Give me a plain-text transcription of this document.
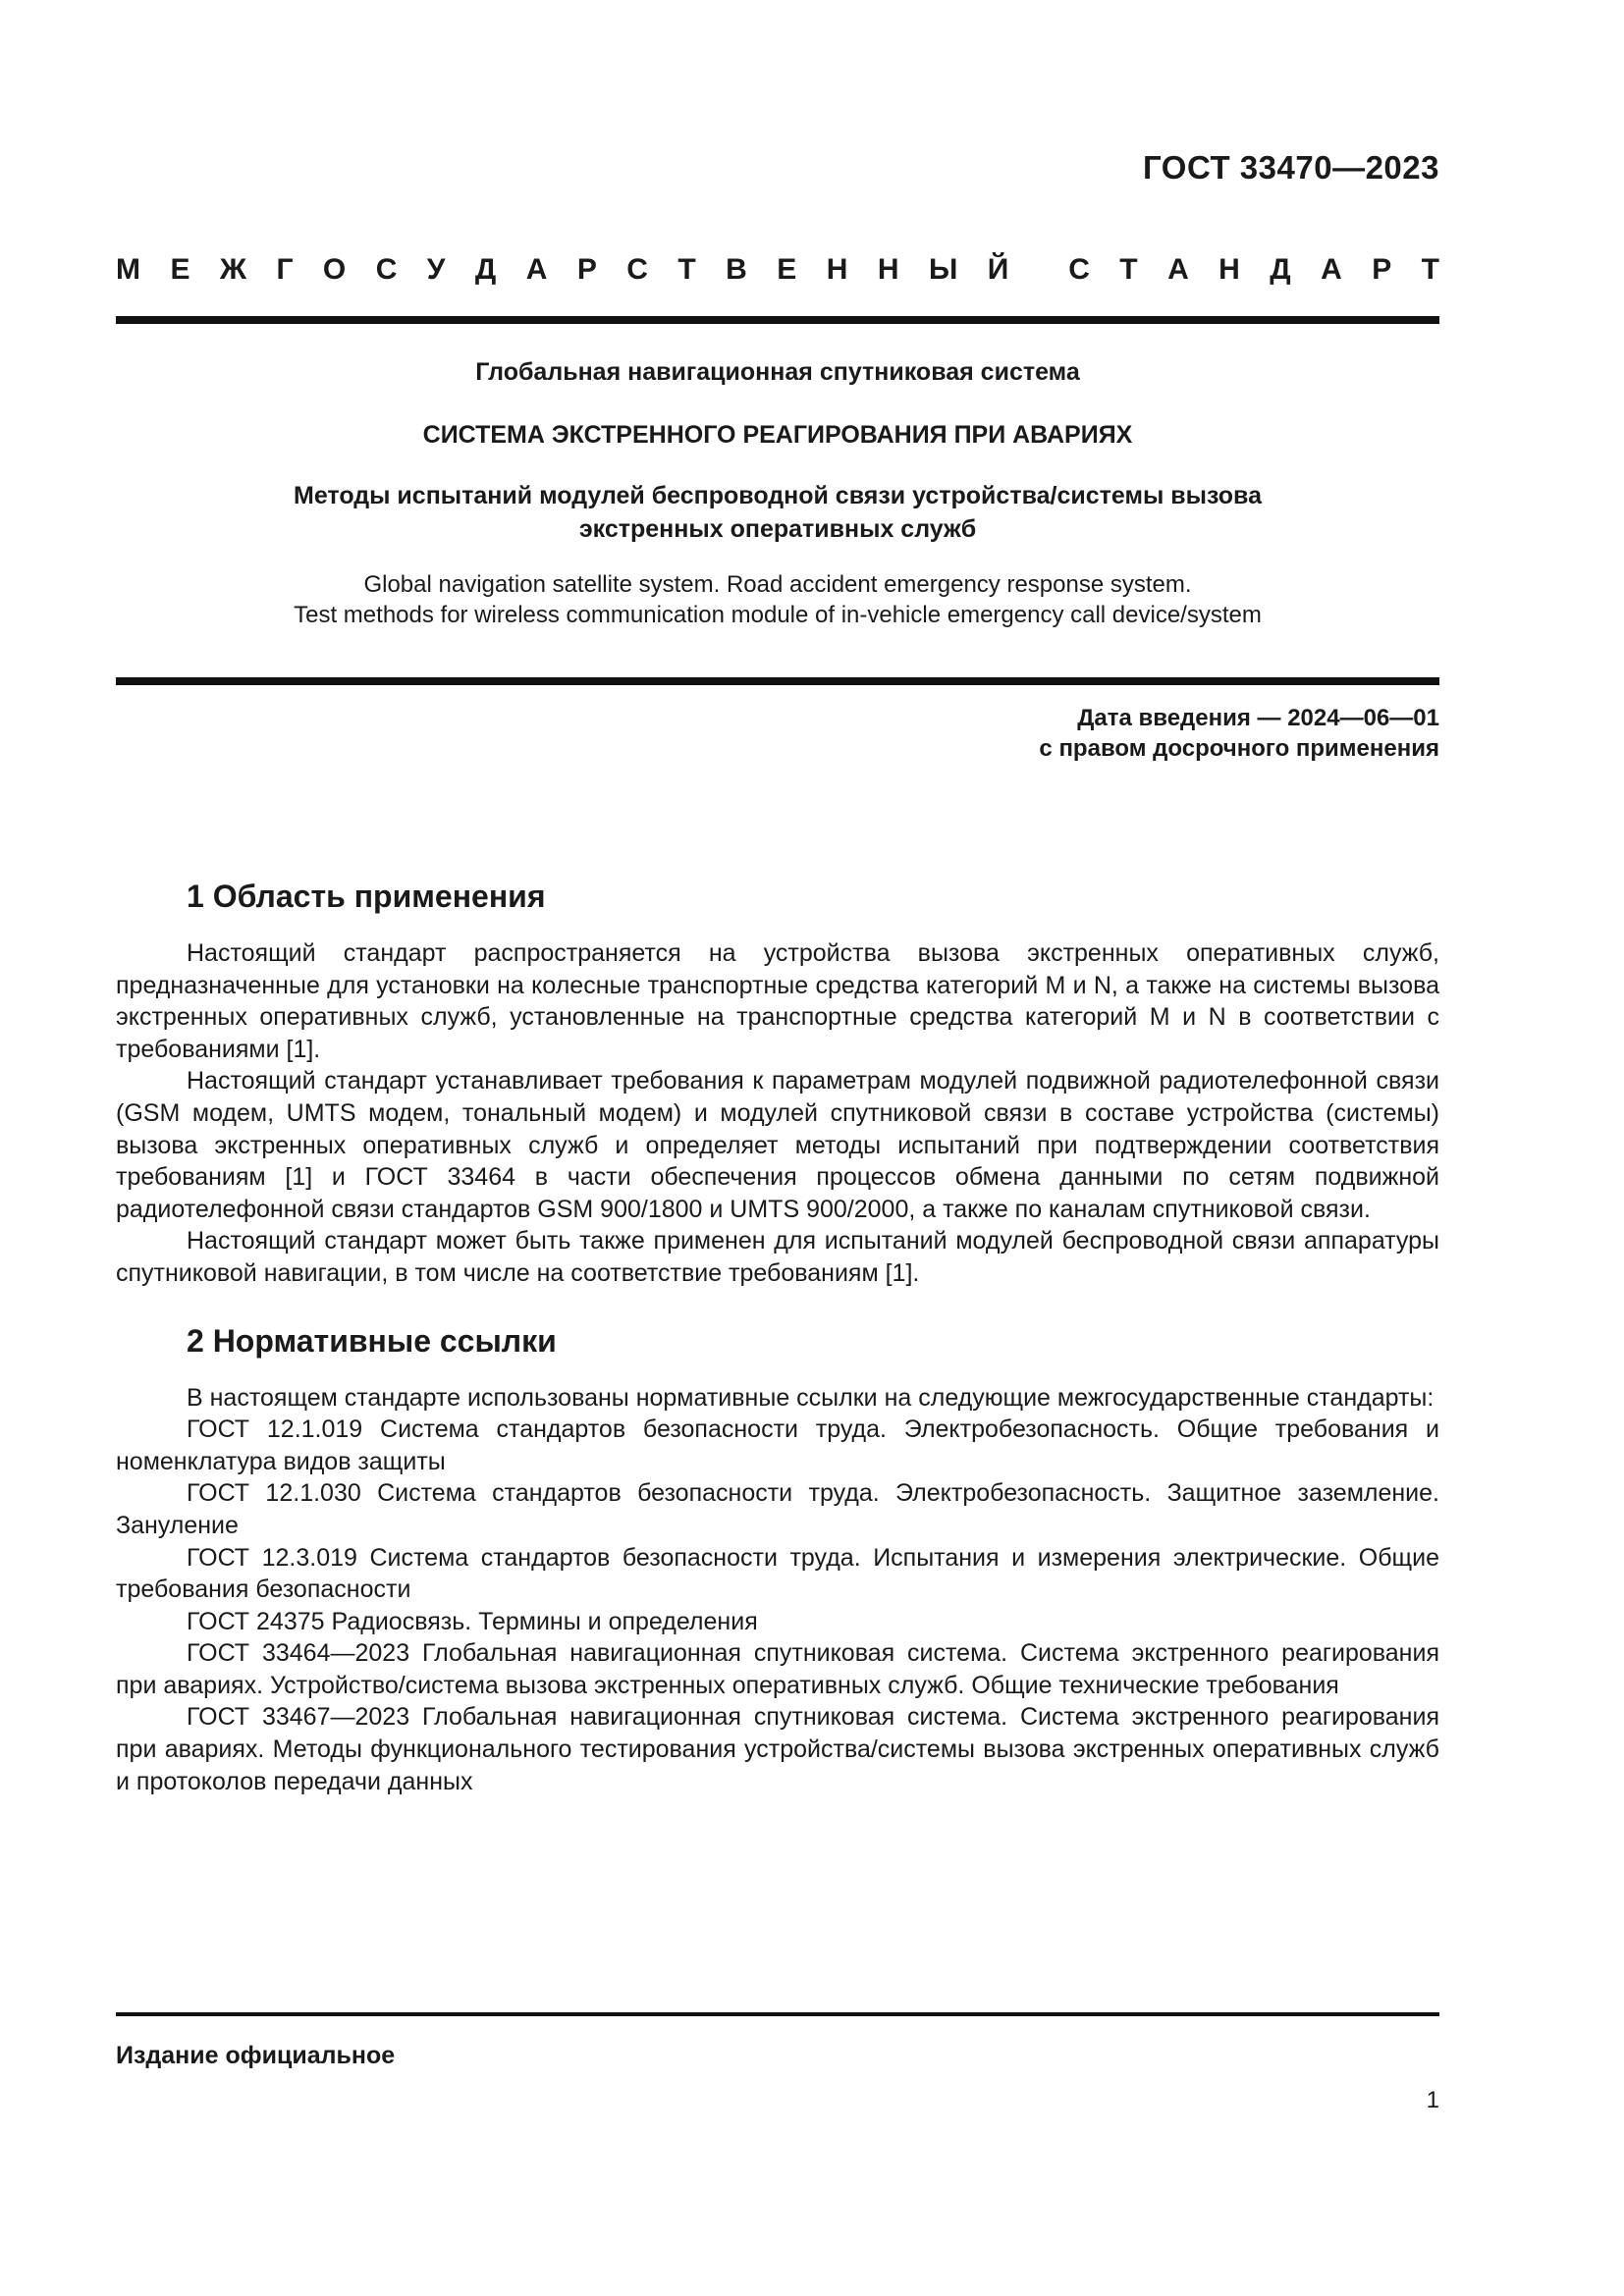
ГОСТ 33470—2023
М Е Ж Г О С У Д А Р С Т В Е Н Н Ы Й С Т А Н Д А Р Т
Глобальная навигационная спутниковая система
СИСТЕМА ЭКСТРЕННОГО РЕАГИРОВАНИЯ ПРИ АВАРИЯХ
Методы испытаний модулей беспроводной связи устройства/системы вызова
экстренных оперативных служб
Global navigation satellite system. Road accident emergency response system.
Test methods for wireless communication module of in-vehicle emergency call device/system
Дата введения — 2024—06—01
с правом досрочного применения
1 Область применения

Настоящий стандарт распространяется на устройства вызова экстренных оперативных служб, предназначенные для установки на колесные транспортные средства категорий М и N, а также на системы вызова экстренных оперативных служб, установленные на транспортные средства категорий М и N в соответствии с требованиями [1].

Настоящий стандарт устанавливает требования к параметрам модулей подвижной радиотелефонной связи (GSM модем, UMTS модем, тональный модем) и модулей спутниковой связи в составе устройства (системы) вызова экстренных оперативных служб и определяет методы испытаний при подтверждении соответствия требованиям [1] и ГОСТ 33464 в части обеспечения процессов обмена данными по сетям подвижной радиотелефонной связи стандартов GSM 900/1800 и UMTS 900/2000, а также по каналам спутниковой связи.

Настоящий стандарт может быть также применен для испытаний модулей беспроводной связи аппаратуры спутниковой навигации, в том числе на соответствие требованиям [1].

2 Нормативные ссылки

В настоящем стандарте использованы нормативные ссылки на следующие межгосударственные стандарты:

ГОСТ 12.1.019 Система стандартов безопасности труда. Электробезопасность. Общие требования и номенклатура видов защиты

ГОСТ 12.1.030 Система стандартов безопасности труда. Электробезопасность. Защитное заземление. Зануление

ГОСТ 12.3.019 Система стандартов безопасности труда. Испытания и измерения электрические. Общие требования безопасности

ГОСТ 24375 Радиосвязь. Термины и определения

ГОСТ 33464—2023 Глобальная навигационная спутниковая система. Система экстренного реагирования при авариях. Устройство/система вызова экстренных оперативных служб. Общие технические требования

ГОСТ 33467—2023 Глобальная навигационная спутниковая система. Система экстренного реагирования при авариях. Методы функционального тестирования устройства/системы вызова экстренных оперативных служб и протоколов передачи данных

Издание официальное
1
